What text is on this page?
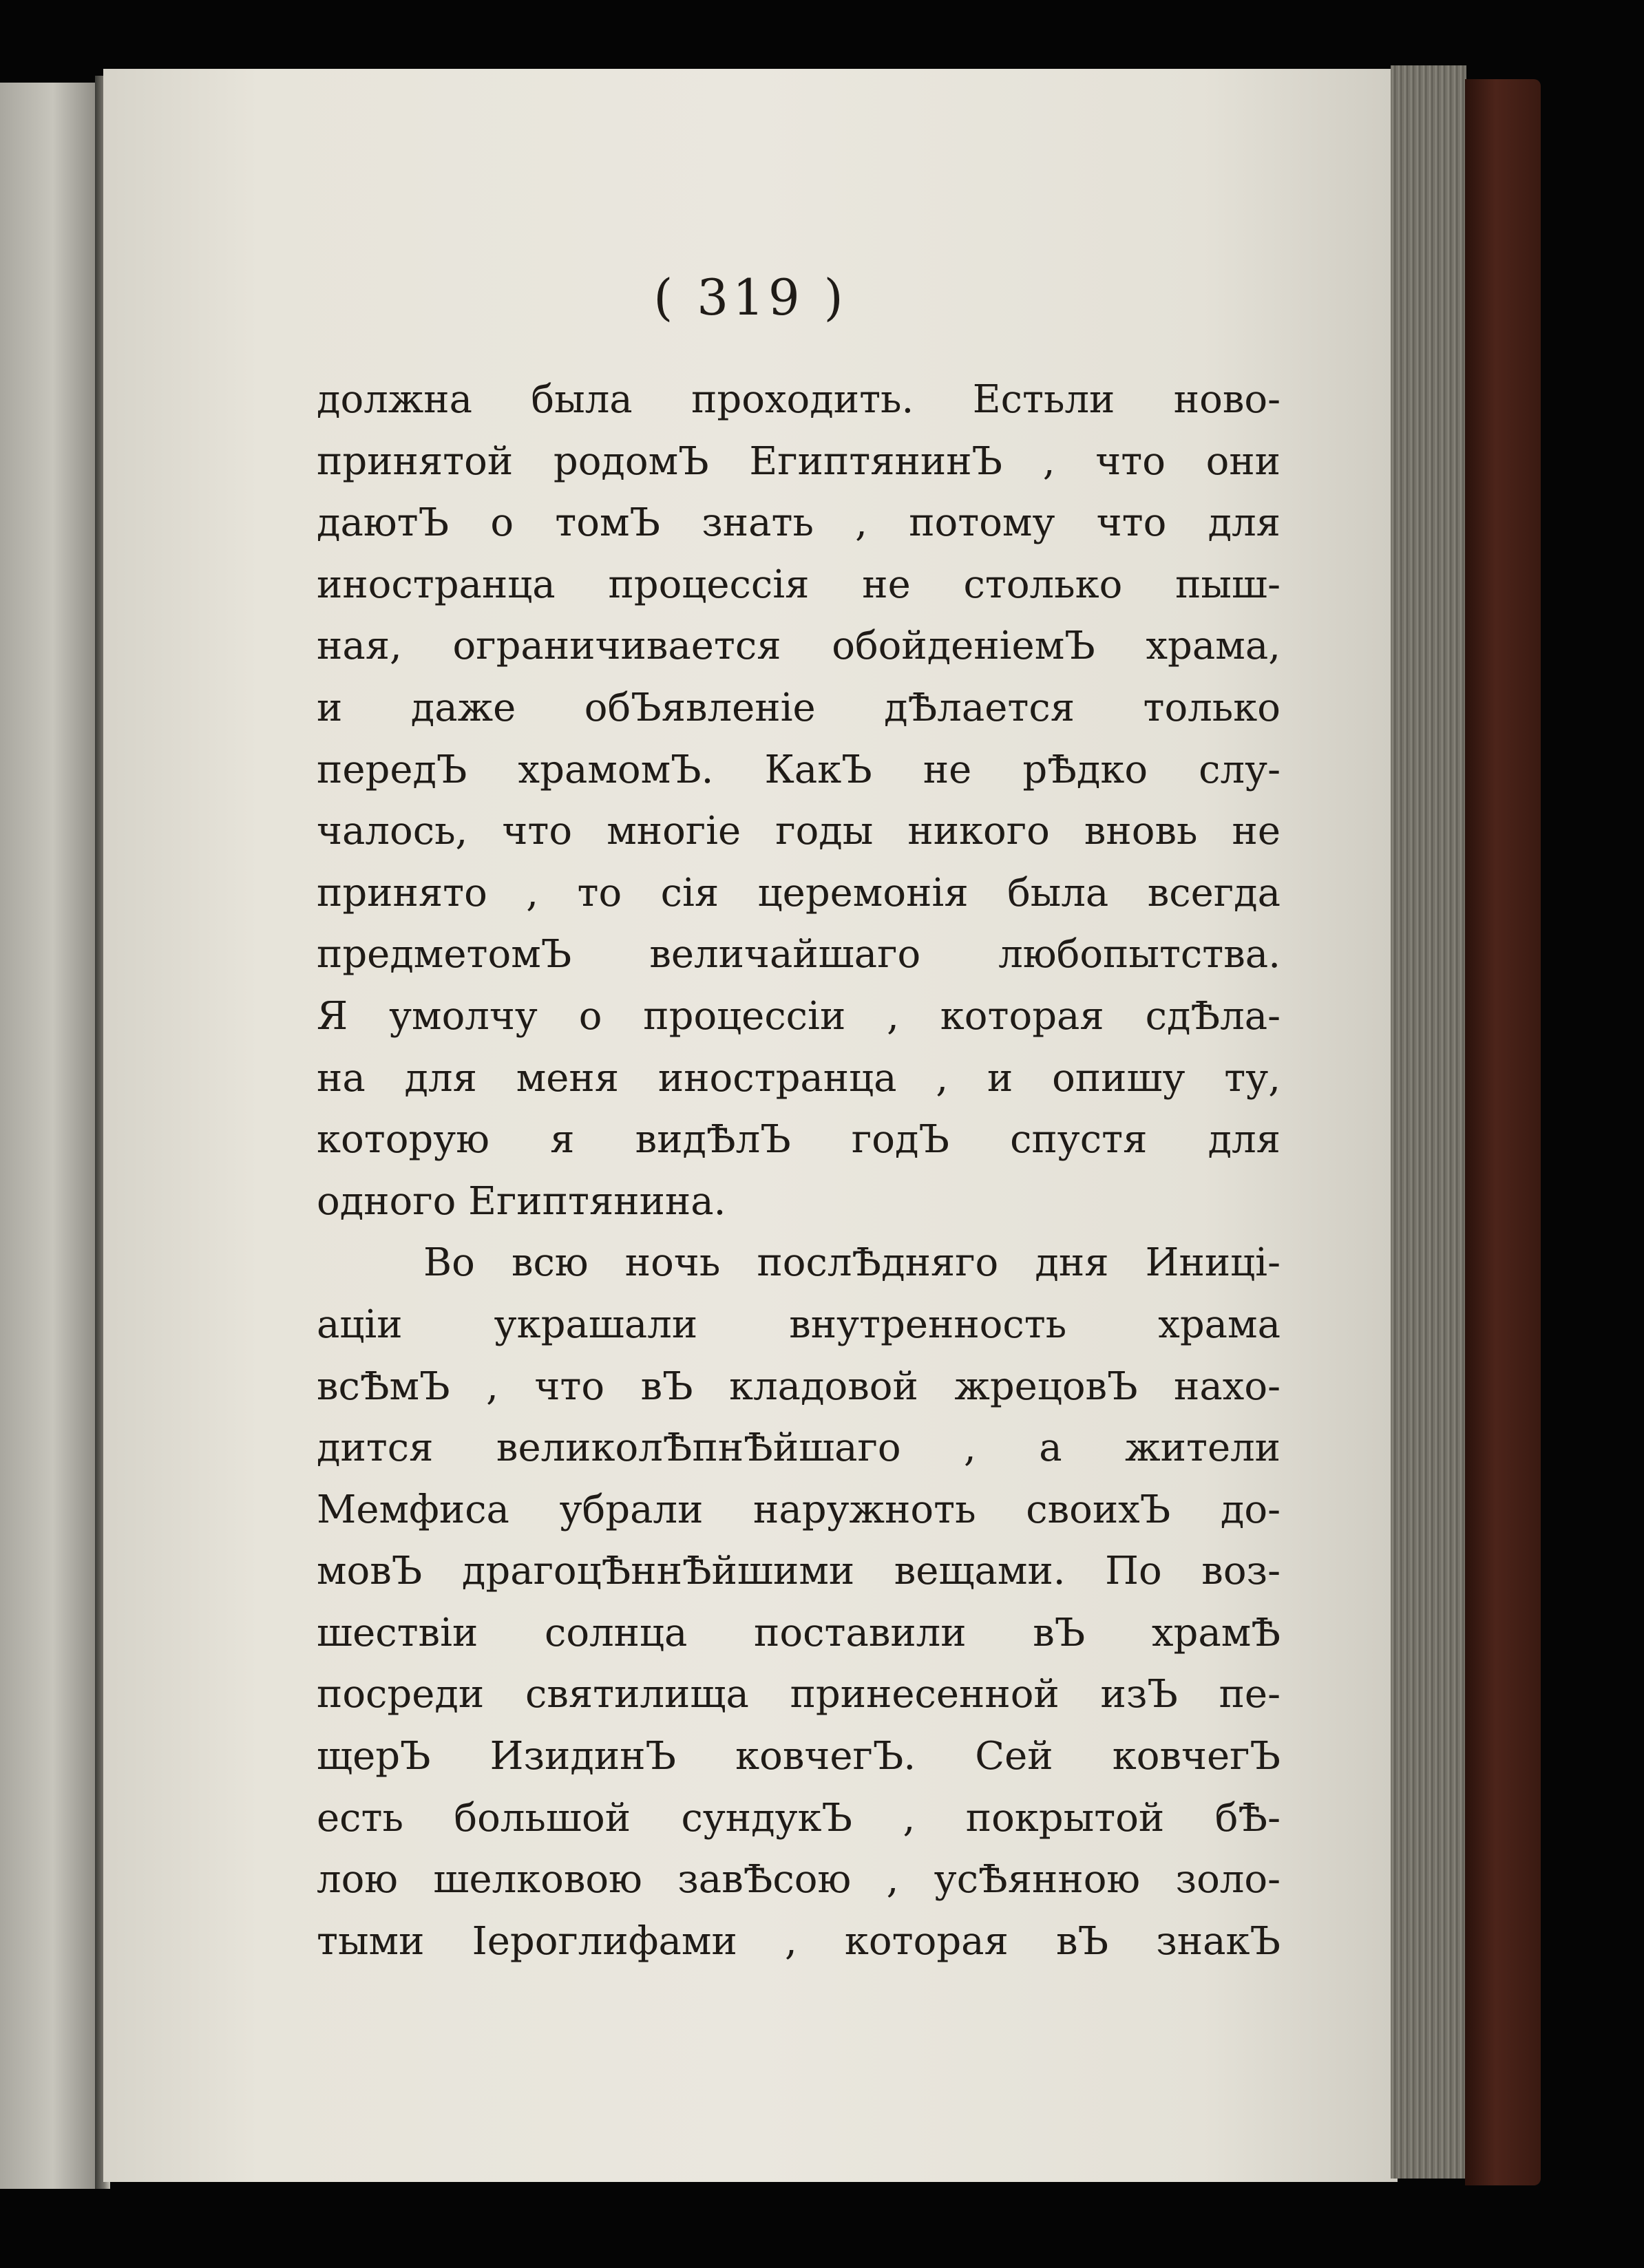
( 319 )
должна была проходить. Естьли ново-
принятой родомЪ ЕгиптянинЪ , что они
даютЪ о томЪ знать , потому что для
иностранца процессія не столько пыш-
ная, ограничивается обойденіемЪ храма,
и даже обЪявленіе дѢлается только
передЪ храмомЪ. КакЪ не рѢдко слу-
чалось, что многіе годы никого вновь не
принято , то сія церемонія была всегда
предметомЪ величайшаго любопытства.
Я умолчу о процессіи , которая сдѢла-
на для меня иностранца , и опишу ту,
которую я видѢлЪ годЪ спустя для
одного Египтянина.
Во всю ночь послѢдняго дня Иниці-
аціи украшали внутренность храма
всѢмЪ , что вЪ кладовой жрецовЪ нахо-
дится великолѢпнѢйшаго , а жители
Мемфиса убрали наружноть своихЪ до-
мовЪ драгоцѢннѢйшими вещами. По воз-
шествіи солнца поставили вЪ храмѢ
посреди святилища принесенной изЪ пе-
щерЪ ИзидинЪ ковчегЪ. Сей ковчегЪ
есть большой сундукЪ , покрытой бѢ-
лою шелковою завѢсою , усѢянною золо-
тыми Іероглифами , которая вЪ знакЪ
